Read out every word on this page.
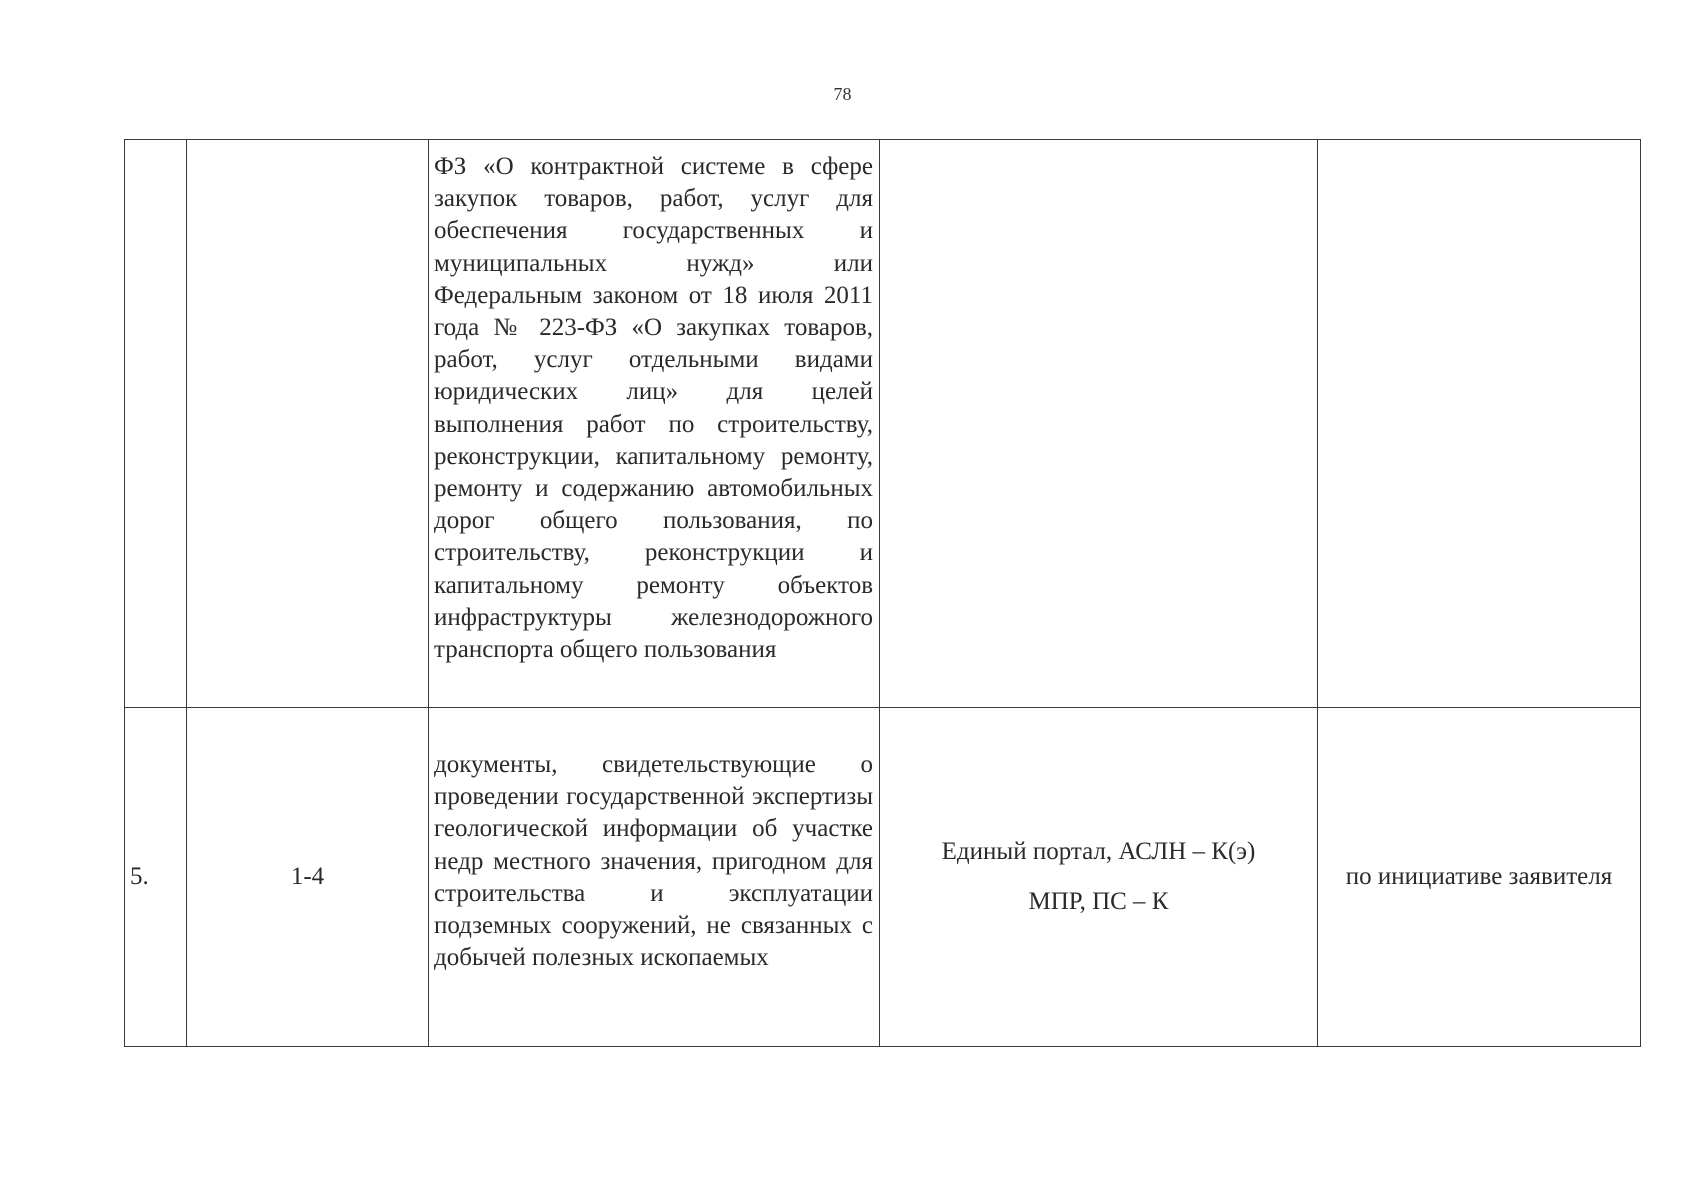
78

		ФЗ «О контрактной системе в сфере закупок товаров, работ, услуг для обеспечения государственных и муниципальных нужд» или Федеральным законом от 18 июля 2011 года № 223-ФЗ «О закупках товаров, работ, услуг отдельными видами юридических лиц» для целей выполнения работ по строительству, реконструкции, капитальному ремонту, ремонту и содержанию автомобильных дорог общего пользования, по строительству, реконструкции и капитальному ремонту объектов инфраструктуры железнодорожного транспорта общего пользования		

5.	1-4	документы, свидетельствующие о проведении государственной экспертизы геологической информации об участке недр местного значения, пригодном для строительства и эксплуатации подземных сооружений, не связанных с добычей полезных ископаемых	Единый портал, АСЛН – К(э)
МПР, ПС – К	по инициативе заявителя
